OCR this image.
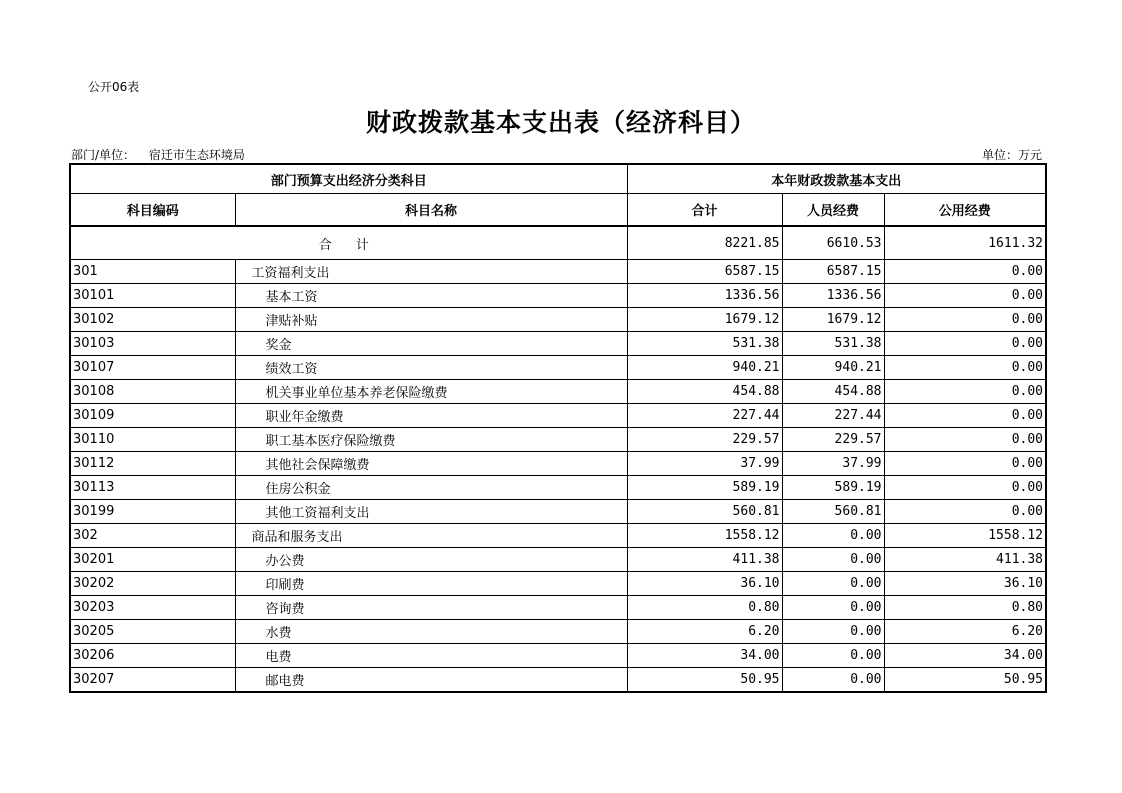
公开06表
财政拨款基本支出表（经济科目）
部门/单位： 宿迁市生态环境局	单位：万元
部门预算支出经济分类科目		本年财政拨款基本支出		
科目编码	科目名称	合计	人员经费	公用经费
合 计		8221.85	6610.53	1611.32
301	工资福利支出	6587.15	6587.15	0.00
30101	基本工资	1336.56	1336.56	0.00
30102	津贴补贴	1679.12	1679.12	0.00
30103	奖金	531.38	531.38	0.00
30107	绩效工资	940.21	940.21	0.00
30108	机关事业单位基本养老保险缴费	454.88	454.88	0.00
30109	职业年金缴费	227.44	227.44	0.00
30110	职工基本医疗保险缴费	229.57	229.57	0.00
30112	其他社会保障缴费	37.99	37.99	0.00
30113	住房公积金	589.19	589.19	0.00
30199	其他工资福利支出	560.81	560.81	0.00
302	商品和服务支出	1558.12	0.00	1558.12
30201	办公费	411.38	0.00	411.38
30202	印刷费	36.10	0.00	36.10
30203	咨询费	0.80	0.00	0.80
30205	水费	6.20	0.00	6.20
30206	电费	34.00	0.00	34.00
30207	邮电费	50.95	0.00	50.95
